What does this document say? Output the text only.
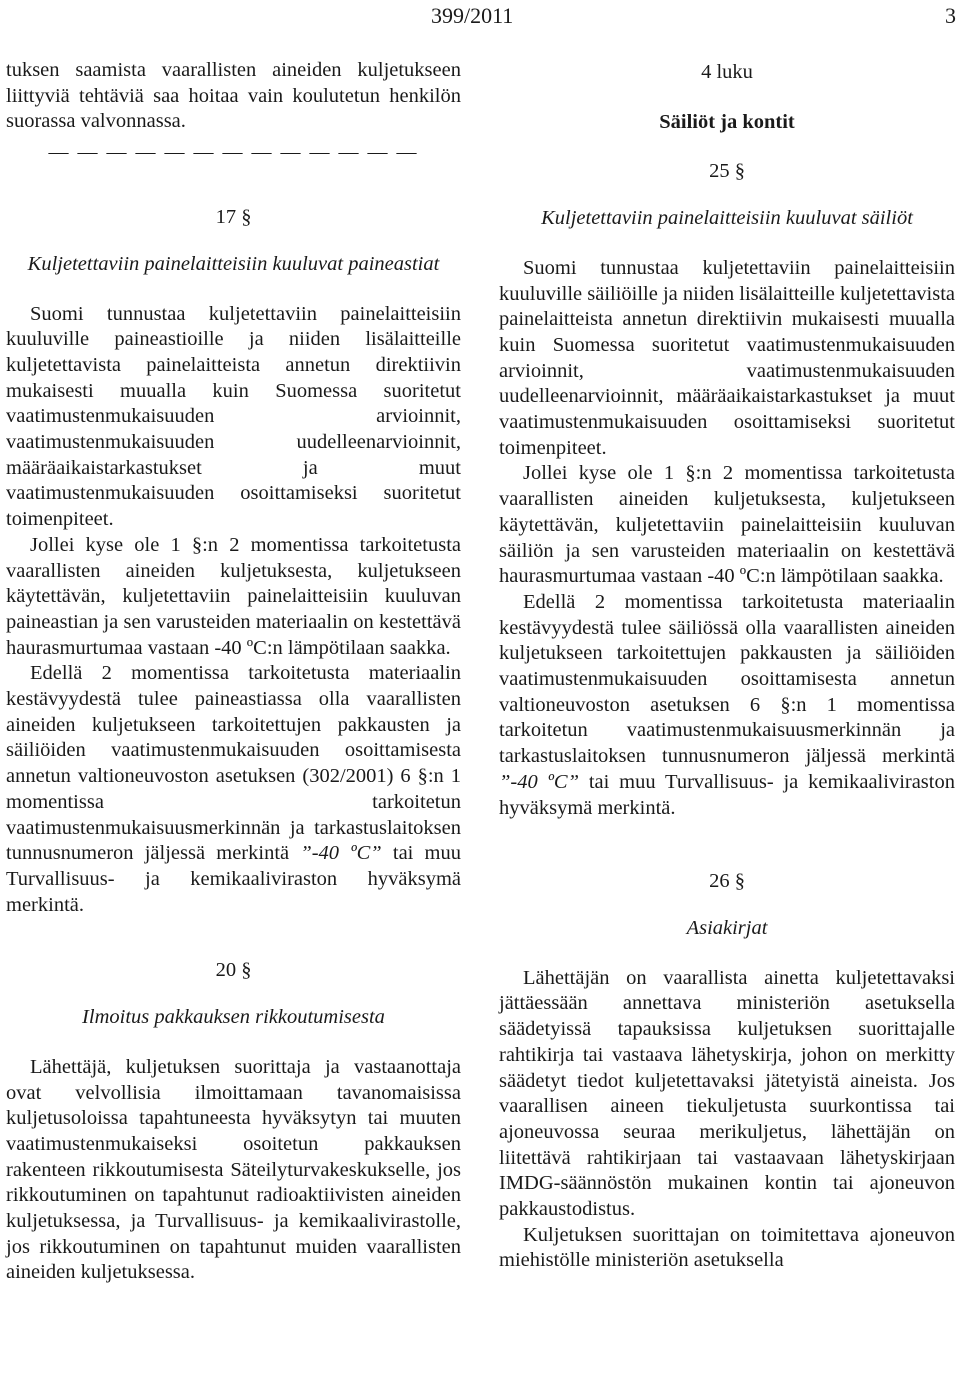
399/2011	3

tuksen saamista vaarallisten aineiden kuljetukseen liittyviä tehtäviä saa hoitaa vain koulutetun henkilön suorassa valvonnassa.

— — — — — — — — — — — — —

17 §

Kuljetettaviin painelaitteisiin kuuluvat paineastiat

Suomi tunnustaa kuljetettaviin painelaitteisiin kuuluville paineastioille ja niiden lisälaitteille kuljetettavista painelaitteista annetun direktiivin mukaisesti muualla kuin Suomessa suoritetut vaatimustenmukaisuuden arvioinnit, vaatimustenmukaisuuden uudelleenarvioinnit, määräaikaistarkastukset ja muut vaatimustenmukaisuuden osoittamiseksi suoritetut toimenpiteet.

Jollei kyse ole 1 §:n 2 momentissa tarkoitetusta vaarallisten aineiden kuljetuksesta, kuljetukseen käytettävän, kuljetettaviin painelaitteisiin kuuluvan paineastian ja sen varusteiden materiaalin on kestettävä haurasmurtumaa vastaan -40 ºC:n lämpötilaan saakka.

Edellä 2 momentissa tarkoitetusta materiaalin kestävyydestä tulee paineastiassa olla vaarallisten aineiden kuljetukseen tarkoitettujen pakkausten ja säiliöiden vaatimustenmukaisuuden osoittamisesta annetun valtioneuvoston asetuksen (302/2001) 6 §:n 1 momentissa tarkoitetun vaatimustenmukaisuusmerkinnän ja tarkastuslaitoksen tunnusnumeron jäljessä merkintä ”-40 ºC” tai muu Turvallisuus- ja kemikaaliviraston hyväksymä merkintä.

20 §

Ilmoitus pakkauksen rikkoutumisesta

Lähettäjä, kuljetuksen suorittaja ja vastaanottaja ovat velvollisia ilmoittamaan tavanomaisissa kuljetusoloissa tapahtuneesta hyväksytyn tai muuten vaatimustenmukaiseksi osoitetun pakkauksen rakenteen rikkoutumisesta Säteilyturvakeskukselle, jos rikkoutuminen on tapahtunut radioaktiivisten aineiden kuljetuksessa, ja Turvallisuus- ja kemikaalivirastolle, jos rikkoutuminen on tapahtunut muiden vaarallisten aineiden kuljetuksessa.

4 luku

Säiliöt ja kontit

25 §

Kuljetettaviin painelaitteisiin kuuluvat säiliöt

Suomi tunnustaa kuljetettaviin painelaitteisiin kuuluville säiliöille ja niiden lisälaitteille kuljetettavista painelaitteista annetun direktiivin mukaisesti muualla kuin Suomessa suoritetut vaatimustenmukaisuuden arvioinnit, vaatimustenmukaisuuden uudelleenarvioinnit, määräaikaistarkastukset ja muut vaatimustenmukaisuuden osoittamiseksi suoritetut toimenpiteet.

Jollei kyse ole 1 §:n 2 momentissa tarkoitetusta vaarallisten aineiden kuljetuksesta, kuljetukseen käytettävän, kuljetettaviin painelaitteisiin kuuluvan säiliön ja sen varusteiden materiaalin on kestettävä haurasmurtumaa vastaan -40 ºC:n lämpötilaan saakka.

Edellä 2 momentissa tarkoitetusta materiaalin kestävyydestä tulee säiliössä olla vaarallisten aineiden kuljetukseen tarkoitettujen pakkausten ja säiliöiden vaatimustenmukaisuuden osoittamisesta annetun valtioneuvoston asetuksen 6 §:n 1 momentissa tarkoitetun vaatimustenmukaisuusmerkinnän ja tarkastuslaitoksen tunnusnumeron jäljessä merkintä ”-40 ºC” tai muu Turvallisuus- ja kemikaaliviraston hyväksymä merkintä.

26 §

Asiakirjat

Lähettäjän on vaarallista ainetta kuljetettavaksi jättäessään annettava ministeriön asetuksella säädetyissä tapauksissa kuljetuksen suorittajalle rahtikirja tai vastaava lähetyskirja, johon on merkitty säädetyt tiedot kuljetettavaksi jätetyistä aineista. Jos vaarallisen aineen tiekuljetusta suurkontissa tai ajoneuvossa seuraa merikuljetus, lähettäjän on liitettävä rahtikirjaan tai vastaavaan lähetyskirjaan IMDG-säännöstön mukainen kontin tai ajoneuvon pakkaustodistus.

Kuljetuksen suorittajan on toimitettava ajoneuvon miehistölle ministeriön asetuksella
